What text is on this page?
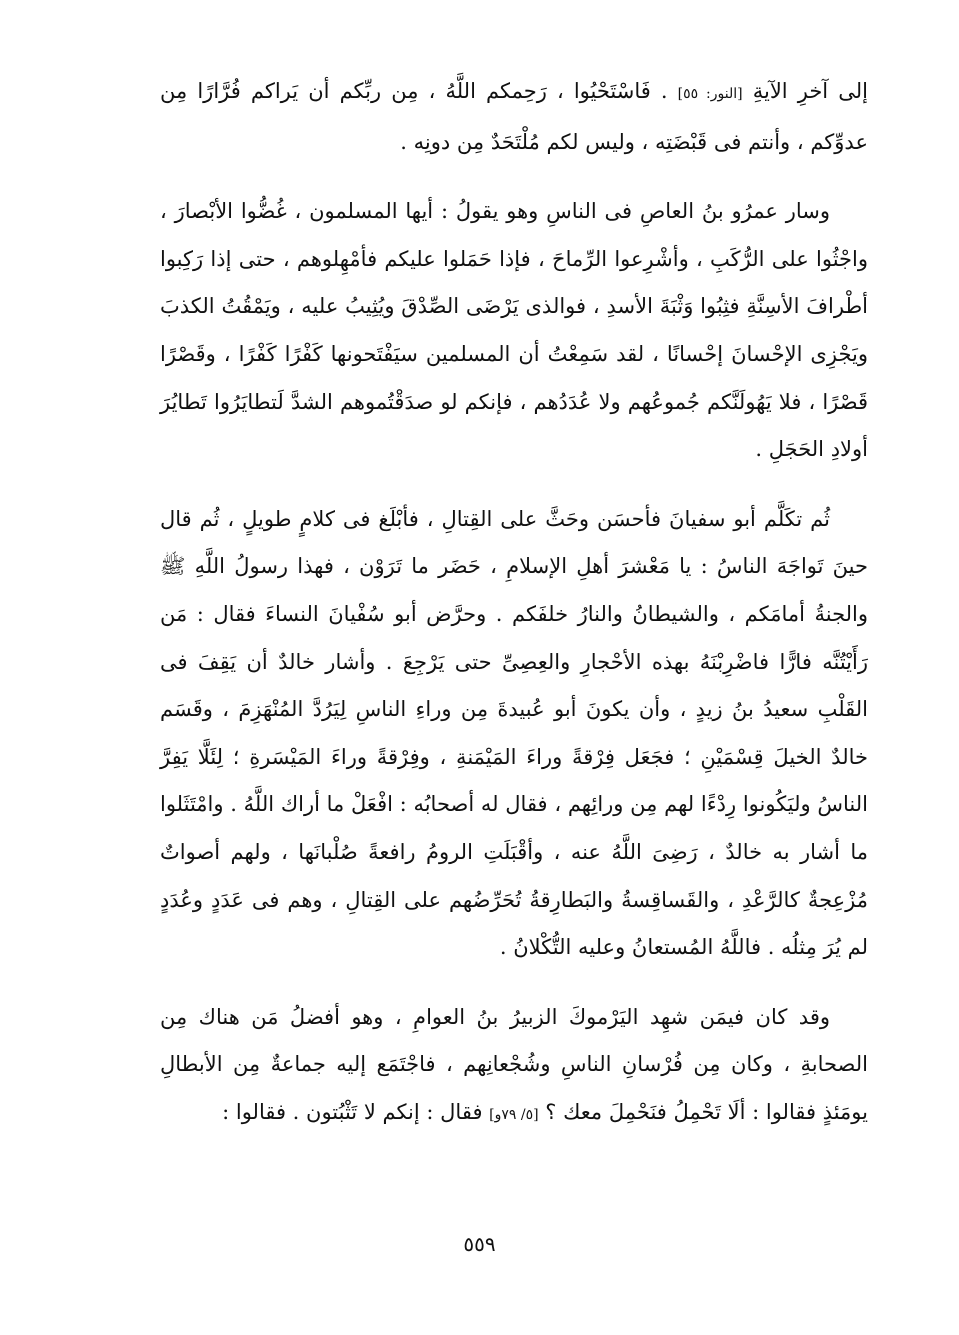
إلى آخرِ الآيةِ [النور: ٥٥] . فَاسْتَحْيُوا ، رَحِمكم اللَّهُ ، مِن ربِّكم أن يَراكم فُرَّارًا مِن عدوِّكم ، وأنتم فى قَبْضَتِه ، وليس لكم مُلْتَحَدٌ مِن دونِه .

وسار عمرُو بنُ العاصِ فى الناسِ وهو يقولُ : أيها المسلمون ، غُضُّوا الأبْصارَ ، واجْثُوا على الرُّكَبِ ، وأشْرِعوا الرِّماحَ ، فإذا حَمَلوا عليكم فأمْهِلوهم ، حتى إذا رَكِبوا أطْرافَ الأسِنَّةِ فثِبُوا وَثْبَةَ الأسدِ ، فوالذى يَرْضَى الصِّدْقَ ويُثِيبُ عليه ، ويَمْقُتُ الكذبَ ويَجْزِى الإحْسانَ إحْسانًا ، لقد سَمِعْتُ أن المسلمين سيَفْتَحونها كَفْرًا كَفْرًا ، وقَصْرًا قَصْرًا ، فلا يَهُولَنَّكم جُموعُهم ولا عُدَدُهم ، فإنكم لو صدَقْتُموهم الشدَّ لَتطايَرُوا تَطايُرَ أولادِ الحَجَلِ .

ثُم تكَلَّم أبو سفيانَ فأحسَن وحَثَّ على القِتالِ ، فأبْلَغ فى كلامٍ طويلٍ ، ثُم قال حينَ تَواجَهَ الناسُ : يا مَعْشرَ أهلِ الإسلامِ ، حَضَر ما تَرَوْن ، فهذا رسولُ اللَّهِ ﷺ والجنةُ أمامَكم ، والشيطانُ والنارُ خلفَكم . وحرَّض أبو سُفْيانَ النساءَ فقال : مَن رَأَيْتُنَّه فارًّا فاضْرِبْنَهُ بهذه الأحْجارِ والعِصِىِّ حتى يَرْجِعَ . وأشار خالدٌ أن يَقِفَ فى القَلْبِ سعيدُ بنُ زيدٍ ، وأن يكونَ أبو عُبيدةَ مِن وراءِ الناسِ لِيَرُدَّ المُنْهَزِمَ ، وقَسَم خالدٌ الخيلَ قِسْمَيْنِ ؛ فجَعَل فِرْقةً وراءَ المَيْمَنةِ ، وفِرْقةً وراءَ المَيْسَرةِ ؛ لِئَلَّا يَفِرَّ الناسُ وليَكُونوا رِدْءًا لهم مِن ورائِهم ، فقال له أصحابُه : افْعَلْ ما أراك اللَّهُ . وامْتَثَلوا ما أشار به خالدٌ ، رَضِىَ اللَّهُ عنه ، وأقْبَلَتِ الرومُ رافعةً صُلْبانَها ، ولهم أصواتٌ مُزْعِجةٌ كالرَّعْدِ ، والقَساقِسةُ والبَطارِقةُ تُحَرِّضُهم على القِتالِ ، وهم فى عَدَدٍ وعُدَدٍ لم يُرَ مِثلُه . فاللَّهُ المُستعانُ وعليه التُّكْلانُ .

وقد كان فيمَن شهِد اليَرْموكَ الزبيرُ بنُ العوامِ ، وهو أفضلُ مَن هناك مِن الصحابةِ ، وكان مِن فُرْسانِ الناسِ وشُجْعانِهم ، فاجْتَمَع إليه جماعةٌ مِن الأبطالِ يومَئذٍ فقالوا : ألَا تَحْمِلُ فنَحْمِلَ معك ؟ [٥/ ٧٩و] فقال : إنكم لا تَثْبُتون . فقالوا :

٥٥٩
